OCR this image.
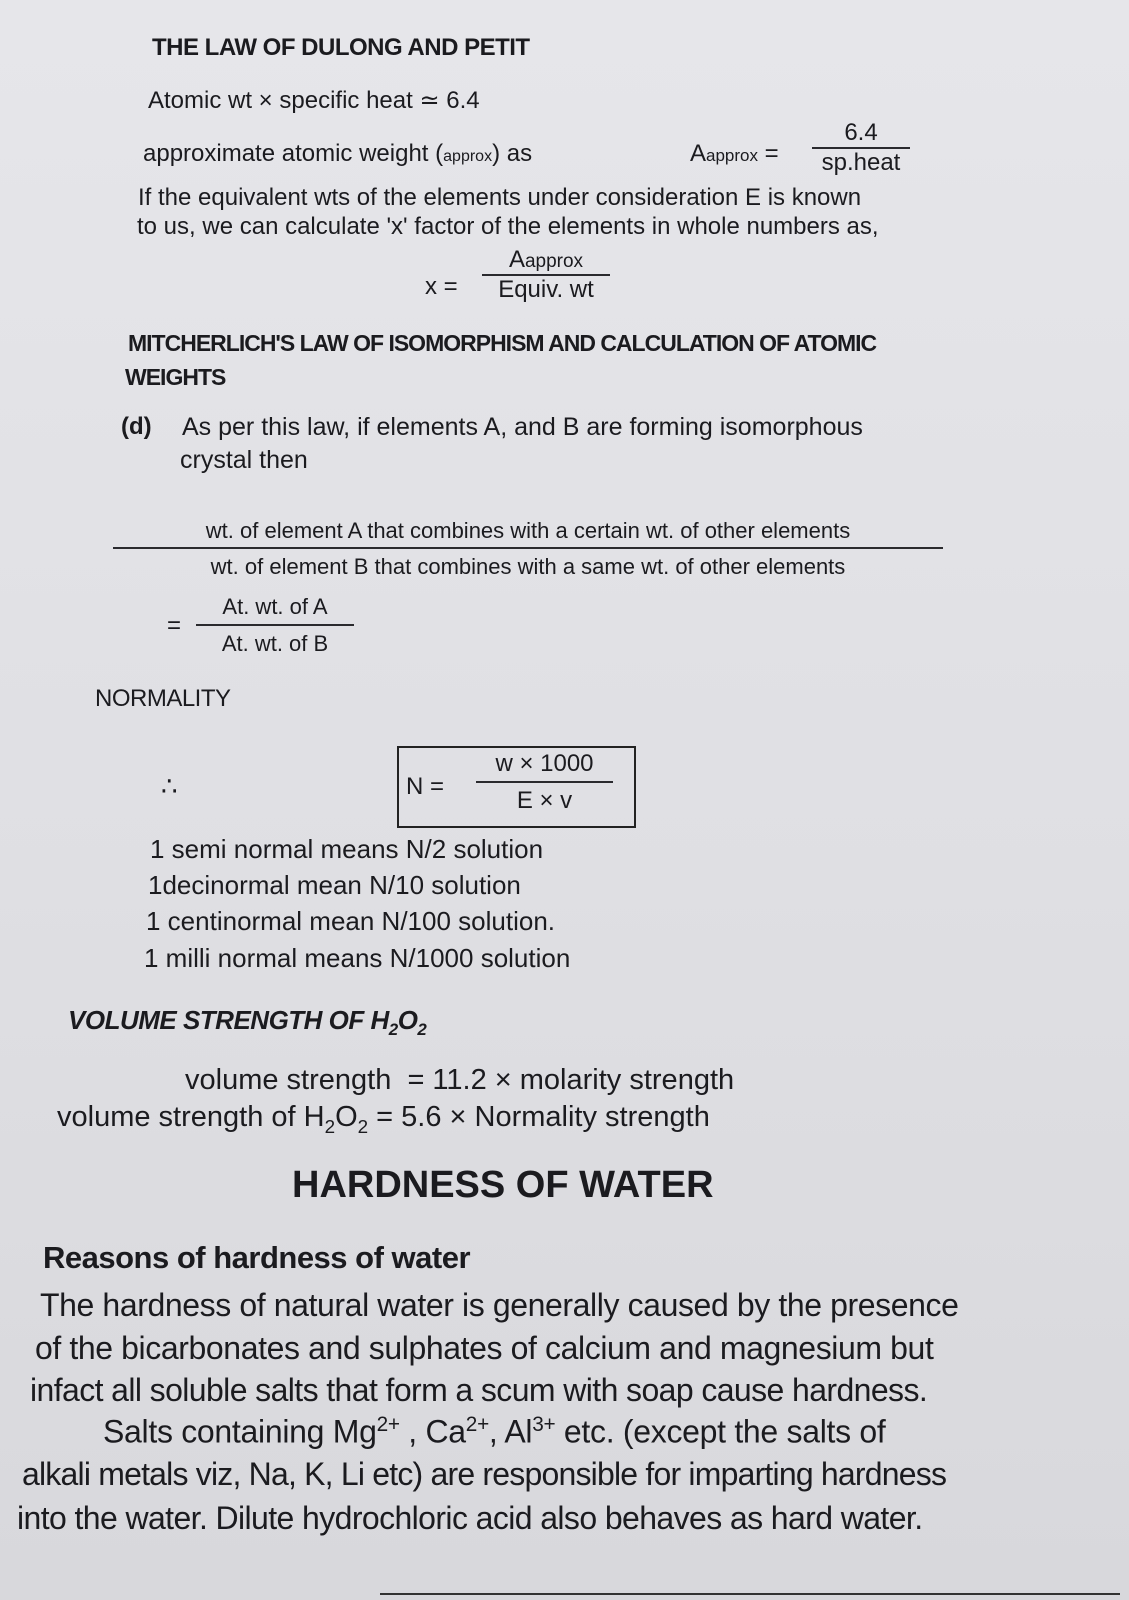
THE LAW OF DULONG AND PETIT
Atomic wt × specific heat ≃ 6.4
approximate atomic weight (approx) as	Aapprox =
6.4
sp.heat
If the equivalent wts of the elements under consideration E is known
to us, we can calculate 'x' factor of the elements in whole numbers as,
x =
Aapprox
Equiv. wt
MITCHERLICH'S LAW OF ISOMORPHISM AND CALCULATION OF ATOMIC
WEIGHTS
(d) As per this law, if elements A, and B are forming isomorphous
crystal then
wt. of element A that combines with a certain wt. of other elements
wt. of element B that combines with a same wt. of other elements
=
At. wt. of A
At. wt. of B
NORMALITY
∴	N =
w × 1000
E × v
1 semi normal means N/2 solution
1decinormal mean N/10 solution
1 centinormal mean N/100 solution.
1 milli normal means N/1000 solution
VOLUME STRENGTH OF $H_2O_2$
volume strength  = 11.2 × molarity strength
volume strength of $H_2O_2 = 5.6$ × Normality strength
HARDNESS OF WATER
Reasons of hardness of water
The hardness of natural water is generally caused by the presence
of the bicarbonates and sulphates of calcium and magnesium but
infact all soluble salts that form a scum with soap cause hardness.
Salts containing $Mg^{2+}$ , $Ca^{2+}$, $Al^{3+}$ etc. (except the salts of
alkali metals viz, Na, K, Li etc) are responsible for imparting hardness
into the water. Dilute hydrochloric acid also behaves as hard water.
